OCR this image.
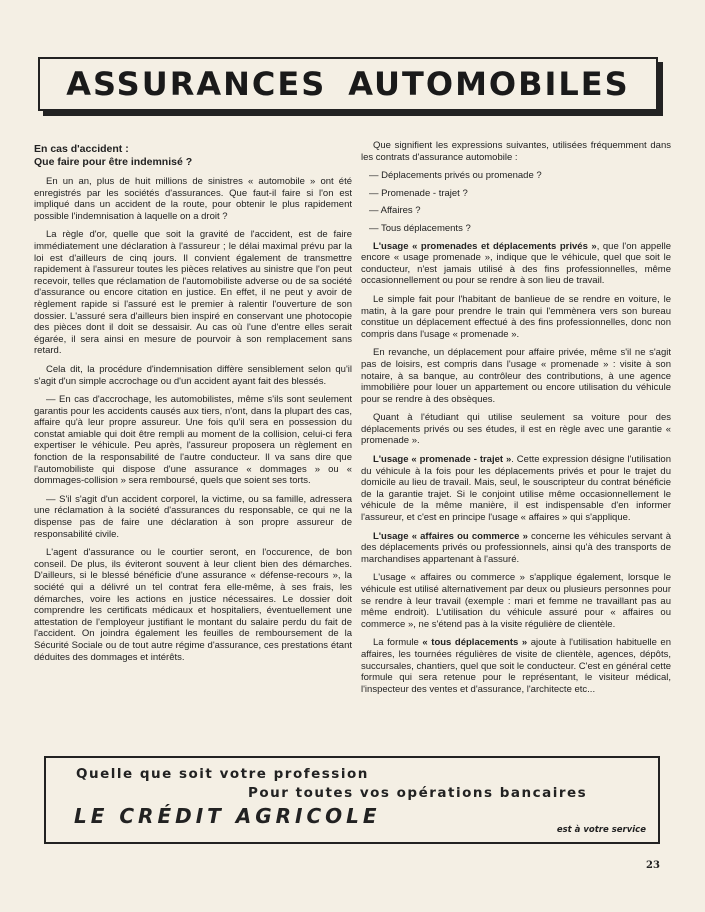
ASSURANCES AUTOMOBILES
En cas d'accident :
Que faire pour être indemnisé ?

En un an, plus de huit millions de sinistres « automobile » ont été enregistrés par les sociétés d'assurances. Que faut-il faire si l'on est impliqué dans un accident de la route, pour obtenir le plus rapidement possible l'indemnisation à laquelle on a droit ?

La règle d'or, quelle que soit la gravité de l'accident, est de faire immédiatement une déclaration à l'assureur ; le délai maximal prévu par la loi est d'ailleurs de cinq jours. Il convient également de transmettre rapidement à l'assureur toutes les pièces relatives au sinistre que l'on peut recevoir, telles que réclamation de l'automobiliste adverse ou de sa société d'assurance ou encore citation en justice. En effet, il ne peut y avoir de règlement rapide si l'assuré est le premier à ralentir l'ouverture de son dossier. L'assuré sera d'ailleurs bien inspiré en conservant une photocopie des pièces dont il doit se dessaisir. Au cas où l'une d'entre elles serait égarée, il sera ainsi en mesure de pourvoir à son remplacement sans retard.

Cela dit, la procédure d'indemnisation diffère sensiblement selon qu'il s'agit d'un simple accrochage ou d'un accident ayant fait des blessés.

— En cas d'accrochage, les automobilistes, même s'ils sont seulement garantis pour les accidents causés aux tiers, n'ont, dans la plupart des cas, affaire qu'à leur propre assureur. Une fois qu'il sera en possession du constat amiable qui doit être rempli au moment de la collision, celui-ci fera expertiser le véhicule. Peu après, l'assureur proposera un règlement en fonction de la responsabilité de l'autre conducteur. Il va sans dire que l'automobiliste qui dispose d'une assurance « dommages » ou « dommages-collision » sera remboursé, quels que soient ses torts.

— S'il s'agit d'un accident corporel, la victime, ou sa famille, adressera une réclamation à la société d'assurances du responsable, ce qui ne la dispense pas de faire une déclaration à son propre assureur de responsabilité civile.

L'agent d'assurance ou le courtier seront, en l'occurence, de bon conseil. De plus, ils éviteront souvent à leur client bien des démarches. D'ailleurs, si le blessé bénéficie d'une assurance « défense-recours », la société qui a délivré un tel contrat fera elle-même, à ses frais, les démarches, voire les actions en justice nécessaires. Le dossier doit comprendre les certificats médicaux et hospitaliers, éventuellement une attestation de l'employeur justifiant le montant du salaire perdu du fait de l'accident. On joindra également les feuilles de remboursement de la Sécurité Sociale ou de tout autre régime d'assurance, ces prestations étant déduites des dommages et intérêts.

Que signifient les expressions suivantes, utilisées fréquemment dans les contrats d'assurance automobile :

— Déplacements privés ou promenade ?
— Promenade - trajet ?
— Affaires ?
— Tous déplacements ?

L'usage « promenades et déplacements privés », que l'on appelle encore « usage promenade », indique que le véhicule, quel que soit le conducteur, n'est jamais utilisé à des fins professionnelles, même occasionnellement ou pour se rendre à son lieu de travail.

Le simple fait pour l'habitant de banlieue de se rendre en voiture, le matin, à la gare pour prendre le train qui l'emmènera vers son bureau constitue un déplacement effectué à des fins professionnelles, donc non compris dans l'usage « promenade ».

En revanche, un déplacement pour affaire privée, même s'il ne s'agit pas de loisirs, est compris dans l'usage « promenade » : visite à son notaire, à sa banque, au contrôleur des contributions, à une agence immobilière pour louer un appartement ou encore utilisation du véhicule pour se rendre à des obsèques.

Quant à l'étudiant qui utilise seulement sa voiture pour des déplacements privés ou ses études, il est en règle avec une garantie « promenade ».

L'usage « promenade - trajet ». Cette expression désigne l'utilisation du véhicule à la fois pour les déplacements privés et pour le trajet du domicile au lieu de travail. Mais, seul, le souscripteur du contrat bénéficie de la garantie trajet. Si le conjoint utilise même occasionnellement le véhicule de la même manière, il est indispensable d'en informer l'assureur, et c'est en principe l'usage « affaires » qui s'applique.

L'usage « affaires ou commerce » concerne les véhicules servant à des déplacements privés ou professionnels, ainsi qu'à des transports de marchandises appartenant à l'assuré.

L'usage « affaires ou commerce » s'applique également, lorsque le véhicule est utilisé alternativement par deux ou plusieurs personnes pour se rendre à leur travail (exemple : mari et femme ne travaillant pas au même endroit). L'utilisation du véhicule assuré pour « affaires ou commerce », ne s'étend pas à la visite régulière de clientèle.

La formule « tous déplacements » ajoute à l'utilisation habituelle en affaires, les tournées régulières de visite de clientèle, agences, dépôts, succursales, chantiers, quel que soit le conducteur. C'est en général cette formule qui sera retenue pour le représentant, le visiteur médical, l'inspecteur des ventes et d'assurance, l'architecte etc...

Quelle que soit votre profession
Pour toutes vos opérations bancaires
LE CRÉDIT AGRICOLE
est à votre service
23
